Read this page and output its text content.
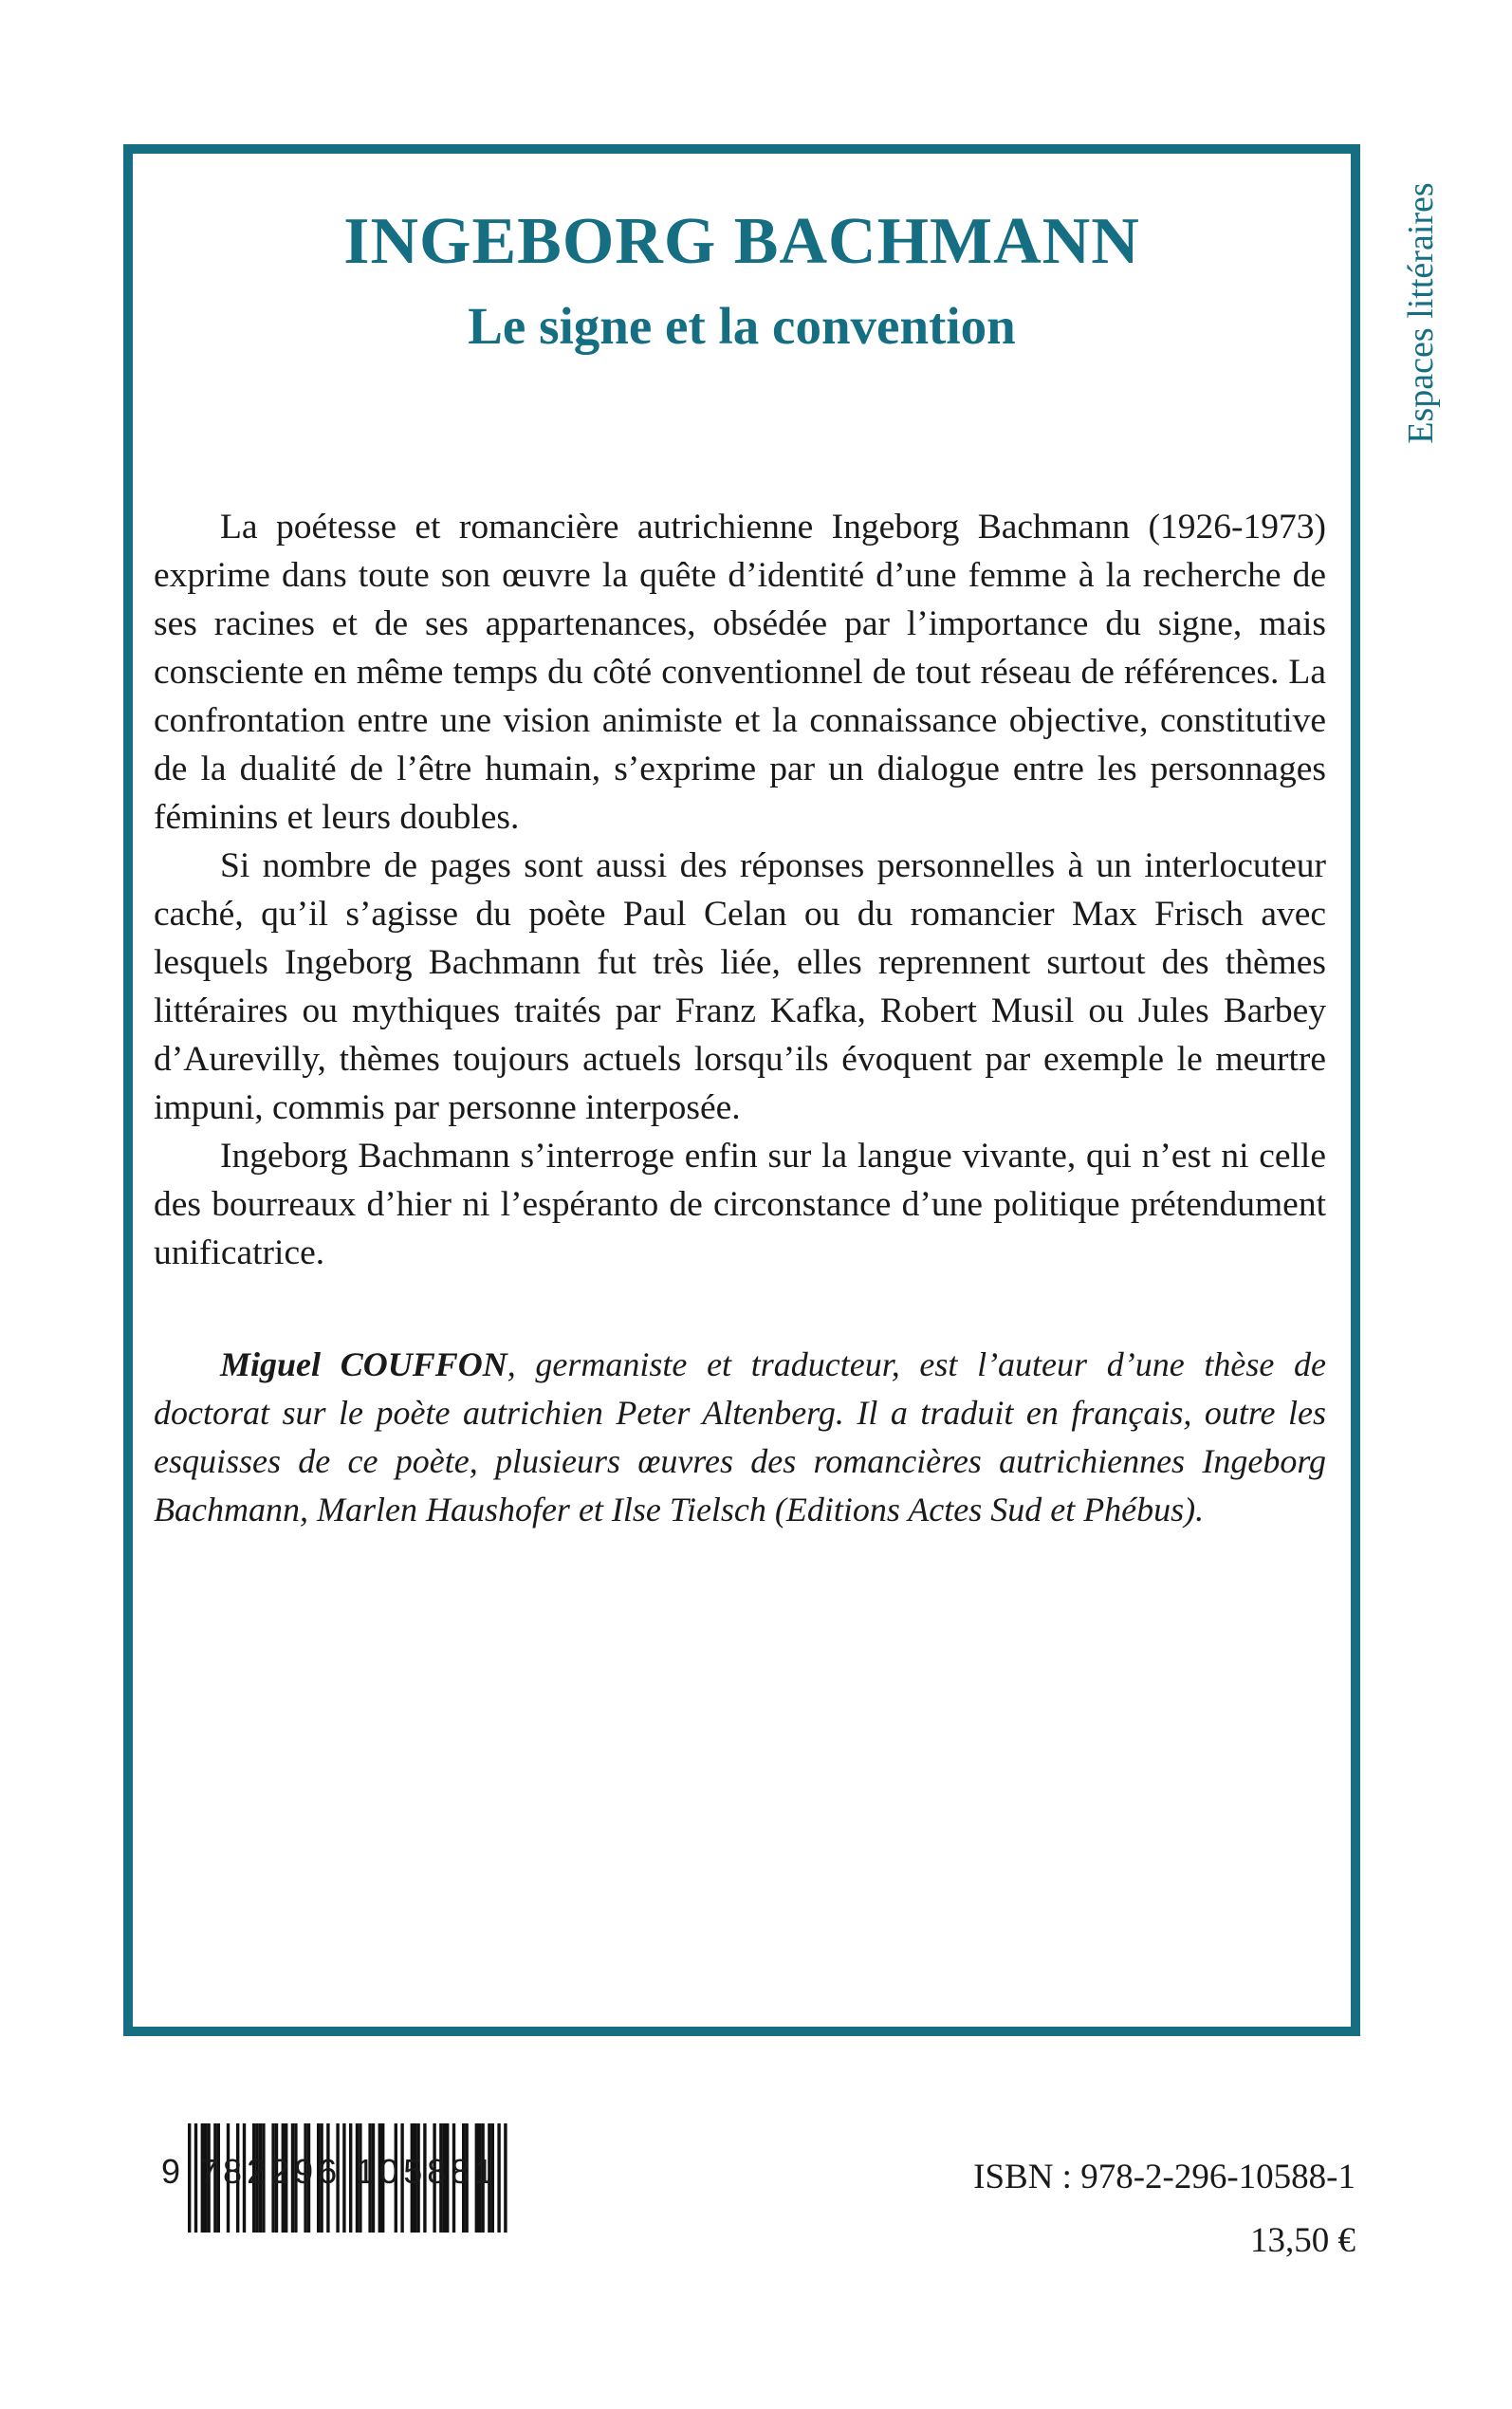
Espaces littéraires
INGEBORG BACHMANN
Le signe et la convention

La poétesse et romancière autrichienne Ingeborg Bachmann (1926-1973) exprime dans toute son œuvre la quête d’identité d’une femme à la recherche de ses racines et de ses appartenances, obsédée par l’importance du signe, mais consciente en même temps du côté conventionnel de tout réseau de références. La confrontation entre une vision animiste et la connaissance objective, constitutive de la dualité de l’être humain, s’exprime par un dialogue entre les personnages féminins et leurs doubles.

Si nombre de pages sont aussi des réponses personnelles à un interlocuteur caché, qu’il s’agisse du poète Paul Celan ou du romancier Max Frisch avec lesquels Ingeborg Bachmann fut très liée, elles reprennent surtout des thèmes littéraires ou mythiques traités par Franz Kafka, Robert Musil ou Jules Barbey d’Aurevilly, thèmes toujours actuels lorsqu’ils évoquent par exemple le meurtre impuni, commis par personne interposée.

Ingeborg Bachmann s’interroge enfin sur la langue vivante, qui n’est ni celle des bourreaux d’hier ni l’espéranto de circonstance d’une politique prétendument unificatrice.

Miguel COUFFON, germaniste et traducteur, est l’auteur d’une thèse de doctorat sur le poète autrichien Peter Altenberg. Il a traduit en français, outre les esquisses de ce poète, plusieurs œuvres des romancières autrichiennes Ingeborg Bachmann, Marlen Haushofer et Ilse Tielsch (Editions Actes Sud et Phébus).

9 782296 105881	ISBN : 978-2-296-10588-1
13,50 €
